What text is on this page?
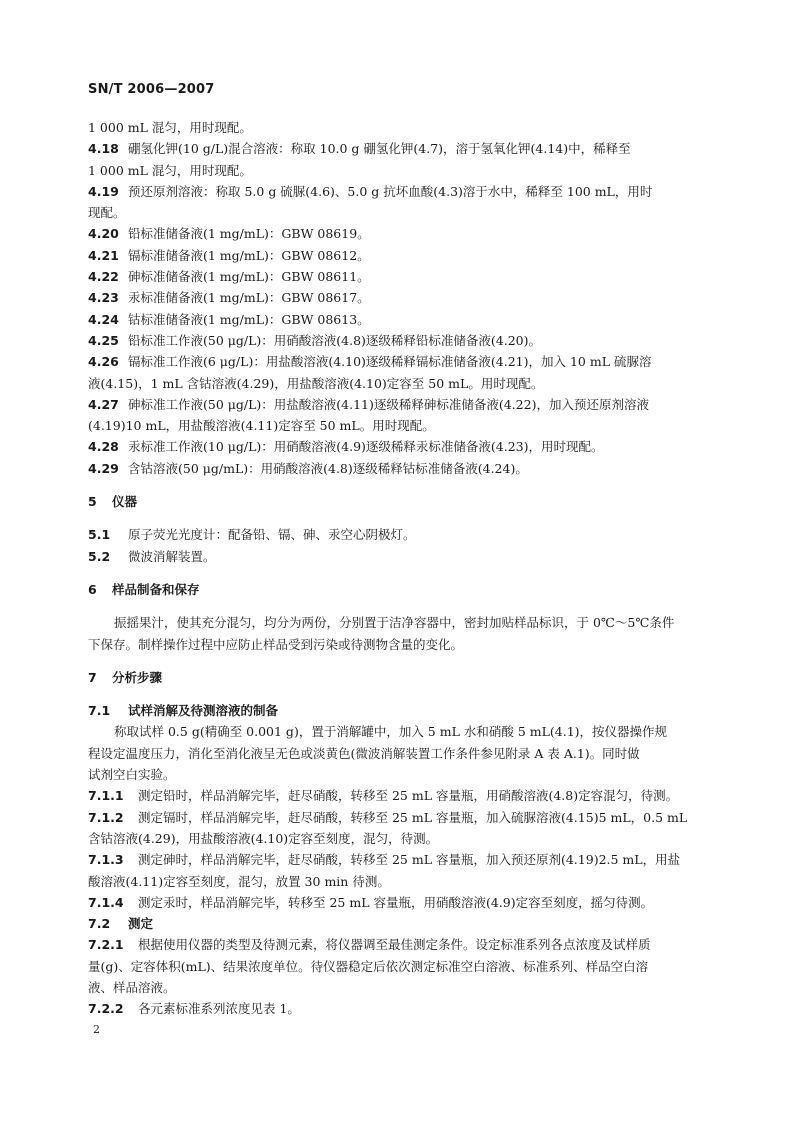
SN/T 2006—2007

1 000 mL 混匀，用时现配。

4.18 硼氢化钾(10 g/L)混合溶液：称取 10.0 g 硼氢化钾(4.7)，溶于氢氧化钾(4.14)中，稀释至

1 000 mL 混匀，用时现配。

4.19 预还原剂溶液：称取 5.0 g 硫脲(4.6)、5.0 g 抗坏血酸(4.3)溶于水中，稀释至 100 mL，用时

现配。

4.20 铅标准储备液(1 mg/mL)：GBW 08619。

4.21 镉标准储备液(1 mg/mL)：GBW 08612。

4.22 砷标准储备液(1 mg/mL)：GBW 08611。

4.23 汞标准储备液(1 mg/mL)：GBW 08617。

4.24 钴标准储备液(1 mg/mL)：GBW 08613。

4.25 铅标准工作液(50 μg/L)：用硝酸溶液(4.8)逐级稀释铅标准储备液(4.20)。

4.26 镉标准工作液(6 μg/L)：用盐酸溶液(4.10)逐级稀释镉标准储备液(4.21)，加入 10 mL 硫脲溶

液(4.15)，1 mL 含钴溶液(4.29)，用盐酸溶液(4.10)定容至 50 mL。用时现配。

4.27 砷标准工作液(50 μg/L)：用盐酸溶液(4.11)逐级稀释砷标准储备液(4.22)，加入预还原剂溶液

(4.19)10 mL，用盐酸溶液(4.11)定容至 50 mL。用时现配。

4.28 汞标准工作液(10 μg/L)：用硝酸溶液(4.9)逐级稀释汞标准储备液(4.23)，用时现配。

4.29 含钴溶液(50 μg/mL)：用硝酸溶液(4.8)逐级稀释钴标准储备液(4.24)。

5 仪器

5.1 原子荧光光度计：配备铅、镉、砷、汞空心阴极灯。

5.2 微波消解装置。

6 样品制备和保存

振摇果汁，使其充分混匀，均分为两份，分别置于洁净容器中，密封加贴样品标识，于 0℃～5℃条件

下保存。制样操作过程中应防止样品受到污染或待测物含量的变化。

7 分析步骤

7.1 试样消解及待测溶液的制备

称取试样 0.5 g(精确至 0.001 g)，置于消解罐中，加入 5 mL 水和硝酸 5 mL(4.1)，按仪器操作规

程设定温度压力，消化至消化液呈无色或淡黄色(微波消解装置工作条件参见附录 A 表 A.1)。同时做

试剂空白实验。

7.1.1 测定铅时，样品消解完毕，赶尽硝酸，转移至 25 mL 容量瓶，用硝酸溶液(4.8)定容混匀，待测。

7.1.2 测定镉时，样品消解完毕，赶尽硝酸，转移至 25 mL 容量瓶，加入硫脲溶液(4.15)5 mL，0.5 mL

含钴溶液(4.29)，用盐酸溶液(4.10)定容至刻度，混匀，待测。

7.1.3 测定砷时，样品消解完毕，赶尽硝酸，转移至 25 mL 容量瓶，加入预还原剂(4.19)2.5 mL，用盐

酸溶液(4.11)定容至刻度，混匀，放置 30 min 待测。

7.1.4 测定汞时，样品消解完毕，转移至 25 mL 容量瓶，用硝酸溶液(4.9)定容至刻度，摇匀待测。

7.2 测定

7.2.1 根据使用仪器的类型及待测元素，将仪器调至最佳测定条件。设定标准系列各点浓度及试样质

量(g)、定容体积(mL)、结果浓度单位。待仪器稳定后依次测定标准空白溶液、标准系列、样品空白溶

液、样品溶液。

7.2.2 各元素标准系列浓度见表 1。

2
